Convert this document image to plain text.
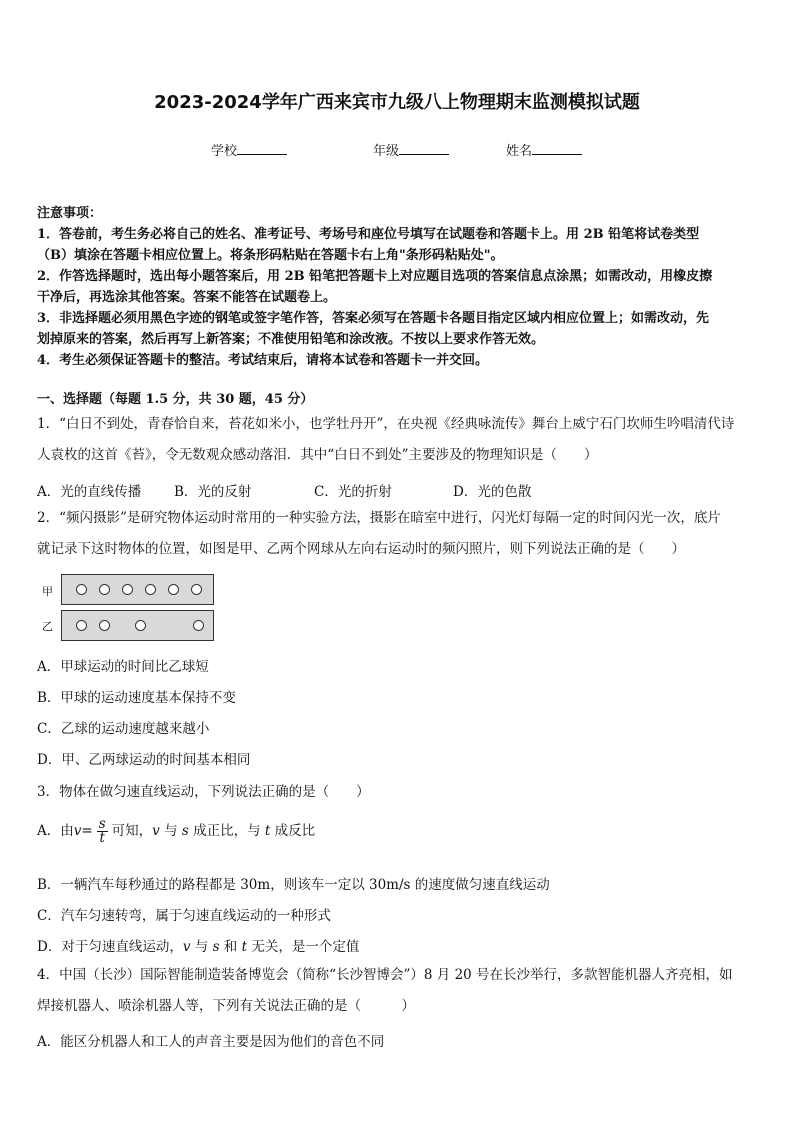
2023-2024学年广西来宾市九级八上物理期末监测模拟试题
学校	年级	姓名

注意事项：

1．答卷前，考生务必将自己的姓名、准考证号、考场号和座位号填写在试题卷和答题卡上。用 2B 铅笔将试卷类型

（B）填涂在答题卡相应位置上。将条形码粘贴在答题卡右上角"条形码粘贴处"。

2．作答选择题时，选出每小题答案后，用 2B 铅笔把答题卡上对应题目选项的答案信息点涂黑；如需改动，用橡皮擦

干净后，再选涂其他答案。答案不能答在试题卷上。

3．非选择题必须用黑色字迹的钢笔或签字笔作答，答案必须写在答题卡各题目指定区域内相应位置上；如需改动，先

划掉原来的答案，然后再写上新答案；不准使用铅笔和涂改液。不按以上要求作答无效。

4．考生必须保证答题卡的整洁。考试结束后，请将本试卷和答题卡一并交回。

一、选择题（每题 1.5 分，共 30 题，45 分）

1．“白日不到处，青春恰自来，苔花如米小，也学牡丹开”，在央视《经典咏流传》舞台上威宁石门坎师生吟唱清代诗

人袁枚的这首《苔》，令无数观众感动落泪．其中“白日不到处”主要涉及的物理知识是（　　）

A．光的直线传播 B．光的反射	C．光的折射	D．光的色散

2．“频闪摄影”是研究物体运动时常用的一种实验方法，摄影在暗室中进行，闪光灯每隔一定的时间闪光一次，底片

就记录下这时物体的位置，如图是甲、乙两个网球从左向右运动时的频闪照片，则下列说法正确的是（　　）

甲
乙
A．甲球运动的时间比乙球短
B．甲球的运动速度基本保持不变
C．乙球的运动速度越来越小
D．甲、乙两球运动的时间基本相同
3．物体在做匀速直线运动，下列说法正确的是（　　）
A．由$v= \frac{s}{t}$ 可知，v 与 s 成正比，与 t 成反比
B．一辆汽车每秒通过的路程都是 30m，则该车一定以 30m/s 的速度做匀速直线运动
C．汽车匀速转弯，属于匀速直线运动的一种形式
D．对于匀速直线运动，v 与 s 和 t 无关，是一个定值

4．中国（长沙）国际智能制造装备博览会（简称“长沙智博会”）8 月 20 号在长沙举行，多款智能机器人齐亮相，如

焊接机器人、喷涂机器人等，下列有关说法正确的是（　　　）

A．能区分机器人和工人的声音主要是因为他们的音色不同
